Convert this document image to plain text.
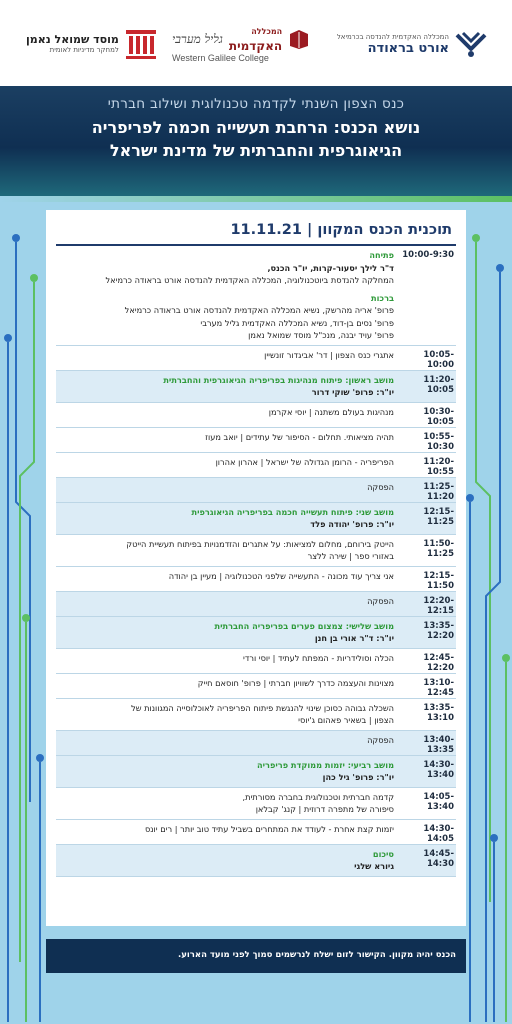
מוסד שמואל נאמן
למחקר מדיניות לאומית
המכללה
האקדמית
גליל מערבי
Western Galilee College
המכללה האקדמית להנדסה בכרמיאל
אורט בראודה
כנס הצפון השנתי לקדמה טכנולוגית ושילוב חברתי
נושא הכנס: הרחבת תעשייה חכמה לפריפריה
הגיאוגרפית והחברתית של מדינת ישראל
תוכנית הכנס המקוון | 11.11.21
10:00-9:30
פתיחה
ד"ר לילך יסעור-קרות, יו"ר הכנס,
המחלקה להנדסת ביוטכנולוגיה, המכללה האקדמית להנדסה אורט בראודה כרמיאל
ברכות
פרופ' אריה מהרשק, נשיא המכללה האקדמית להנדסה אורט בראודה כרמיאל
פרופ' נסים בן-דוד, נשיא המכללה האקדמית גליל מערבי
פרופ' עויד יבנה, מנכ"ל מוסד שמואל נאמן
10:05-10:00
אתגרי כנס הצפון | דר' אביגדור זונשיין
11:20-10:05
מושב ראשון: פיתוח מנהיגות בפריפריה הגיאוגרפית והחברתית
יו"ר: פרופ' שוקי דרור
10:30-10:05
מנהיגות בעולם משתנה | יוסי אקרמן
10:55-10:30
תהיה מציאותי. תחלום - הסיפור של עתידים | יואב מעוז
11:20-10:55
הפריפריה - הרומן הגדולה של ישראל | אהרון אהרון
11:25-11:20
הפסקה
12:15-11:25
מושב שני: פיתוח תעשייה חכמה בפריפריה הגיאוגרפית
יו"ר: פרופ' יהודה פלד
11:50-11:25
הייטק בירוחם, מחלום למציאות: על אתגרים והזדמנויות בפיתוח תעשיית הייטק
באזורי ספר | שירה ללצר
12:15-11:50
אני צריך עוד מכונה - התעשייה שלפני הטכנולוגיה | מעיין בן יהודה
12:20-12:15
הפסקה
13:35-12:20
מושב שלישי: צמצום פערים בפריפריה החברתית
יו"ר: ד"ר אורי בן חנן
12:45-12:20
הכלה וסולידריות - המפתח לעתיד | יוסי ורדי
13:10-12:45
מצוינות והעצמה כדרך לשוויון חברתי | פרופ' חוסאם חייק
13:35-13:10
השכלה גבוהה כסוכן שינוי להנגשת פיתוח הפריפריה לאוכלוסייה המגוונות של
הצפון | בשאיר פאהום ג'יוסי
13:40-13:35
הפסקה
14:30-13:40
מושב רביעי: יזמות ממוקדת פריפריה
יו"ר: פרופ' גיל כהן
14:05-13:40
קדמה חברתית וטכנולוגית בחברה מסורתית,
סיפורה של מתפרה דרוזית | קנג' קבלאן
14:30-14:05
יזמות קצת אחרת - לעודד את המתחרים בשביל עתיד טוב יותר | רים יונס
14:45-14:30
סיכום
גיורא שלגי
הכנס יהיה מקוון. הקישור לזום ישלח לנרשמים סמוך לפני מועד הארוע.
